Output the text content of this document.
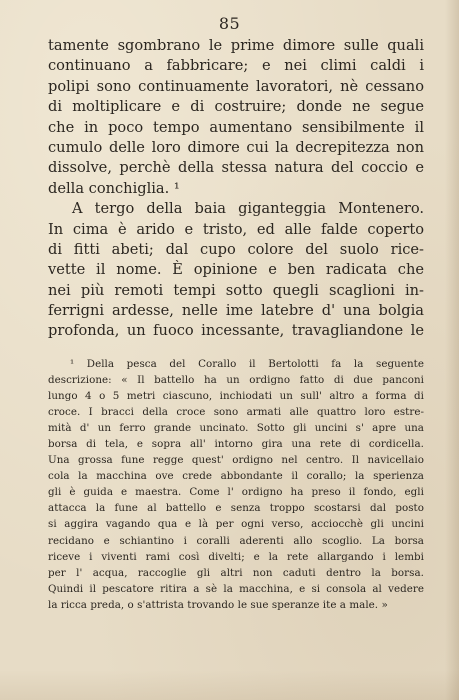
85
tamente sgombrano le prime dimore sulle quali
continuano a fabbricare; e nei climi caldi i
polipi sono continuamente lavoratori, nè cessano
di moltiplicare e di costruire; donde ne segue
che in poco tempo aumentano sensibilmente il
cumulo delle loro dimore cui la decrepitezza non
dissolve, perchè della stessa natura del coccio e
della conchiglia. ¹
A tergo della baia giganteggia Montenero.
In cima è arido e tristo, ed alle falde coperto
di fitti abeti; dal cupo colore del suolo rice-
vette il nome. È opinione e ben radicata che
nei più remoti tempi sotto quegli scaglioni in-
ferrigni ardesse, nelle ime latebre d' una bolgia
profonda, un fuoco incessante, travagliandone le
¹ Della pesca del Corallo il Bertolotti fa la seguente
descrizione: « Il battello ha un ordigno fatto di due panconi
lungo 4 o 5 metri ciascuno, inchiodati un sull' altro a forma di
croce. I bracci della croce sono armati alle quattro loro estre-
mità d' un ferro grande uncinato. Sotto gli uncini s' apre una
borsa di tela, e sopra all' intorno gira una rete di cordicella.
Una grossa fune regge quest' ordigno nel centro. Il navicellaio
cola la macchina ove crede abbondante il corallo; la sperienza
gli è guida e maestra. Come l' ordigno ha preso il fondo, egli
attacca la fune al battello e senza troppo scostarsi dal posto
si aggira vagando qua e là per ogni verso, acciocchè gli uncini
recidano e schiantino i coralli aderenti allo scoglio. La borsa
riceve i viventi rami così divelti; e la rete allargando i lembi
per l' acqua, raccoglie gli altri non caduti dentro la borsa.
Quindi il pescatore ritira a sè la macchina, e si consola al vedere
la ricca preda, o s'attrista trovando le sue speranze ite a male. »
